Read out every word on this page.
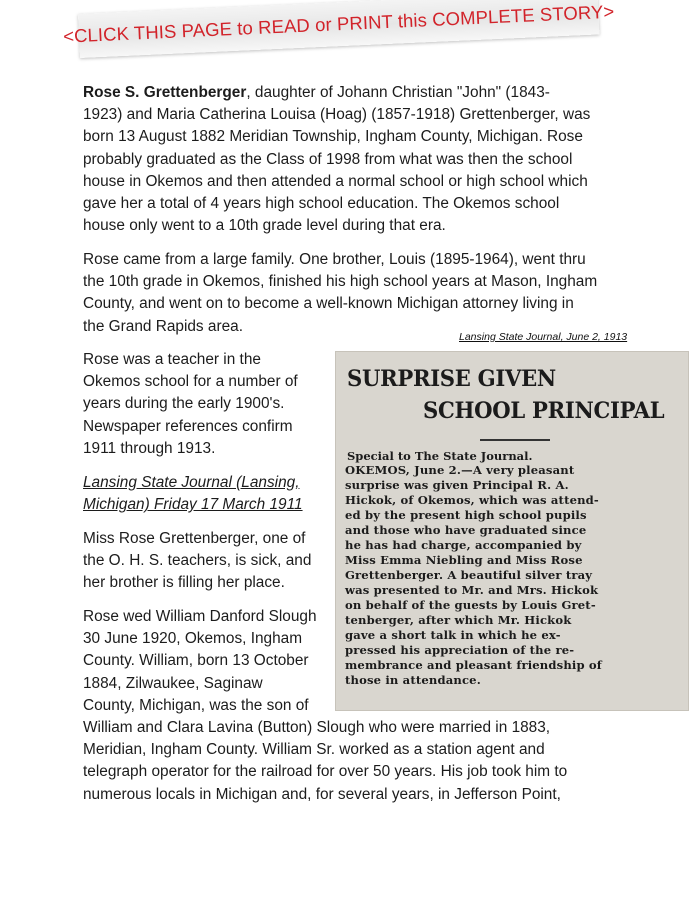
<CLICK THIS PAGE to READ or PRINT this COMPLETE STORY>
Rose S. Grettenberger, daughter of Johann Christian "John" (1843-
1923) and Maria Catherina Louisa (Hoag) (1857-1918) Grettenberger, was
born 13 August 1882 Meridian Township, Ingham County, Michigan. Rose
probably graduated as the Class of 1998 from what was then the school
house in Okemos and then attended a normal school or high school which
gave her a total of 4 years high school education. The Okemos school
house only went to a 10th grade level during that era.
Rose came from a large family. One brother, Louis (1895-1964), went thru
the 10th grade in Okemos, finished his high school years at Mason, Ingham
County, and went on to become a well-known Michigan attorney living in
the Grand Rapids area.
Rose was a teacher in the
Okemos school for a number of
years during the early 1900's.
Newspaper references confirm
1911 through 1913.
Lansing State Journal (Lansing,
Michigan) Friday 17 March 1911
Miss Rose Grettenberger, one of
the O. H. S. teachers, is sick, and
her brother is filling her place.
Rose wed William Danford Slough
30 June 1920, Okemos, Ingham
County. William, born 13 October
1884, Zilwaukee, Saginaw
County, Michigan, was the son of
William and Clara Lavina (Button) Slough who were married in 1883,
Meridian, Ingham County. William Sr. worked as a station agent and
telegraph operator for the railroad for over 50 years. His job took him to
numerous locals in Michigan and, for several years, in Jefferson Point,
Lansing State Journal, June 2, 1913
SURPRISE GIVEN
SCHOOL PRINCIPAL
Special to The State Journal.
OKEMOS, June 2.—A very pleasant
surprise was given Principal R. A.
Hickok, of Okemos, which was attend-
ed by the present high school pupils
and those who have graduated since
he has had charge, accompanied by
Miss Emma Niebling and Miss Rose
Grettenberger. A beautiful silver tray
was presented to Mr. and Mrs. Hickok
on behalf of the guests by Louis Gret-
tenberger, after which Mr. Hickok
gave a short talk in which he ex-
pressed his appreciation of the re-
membrance and pleasant friendship of
those in attendance.
